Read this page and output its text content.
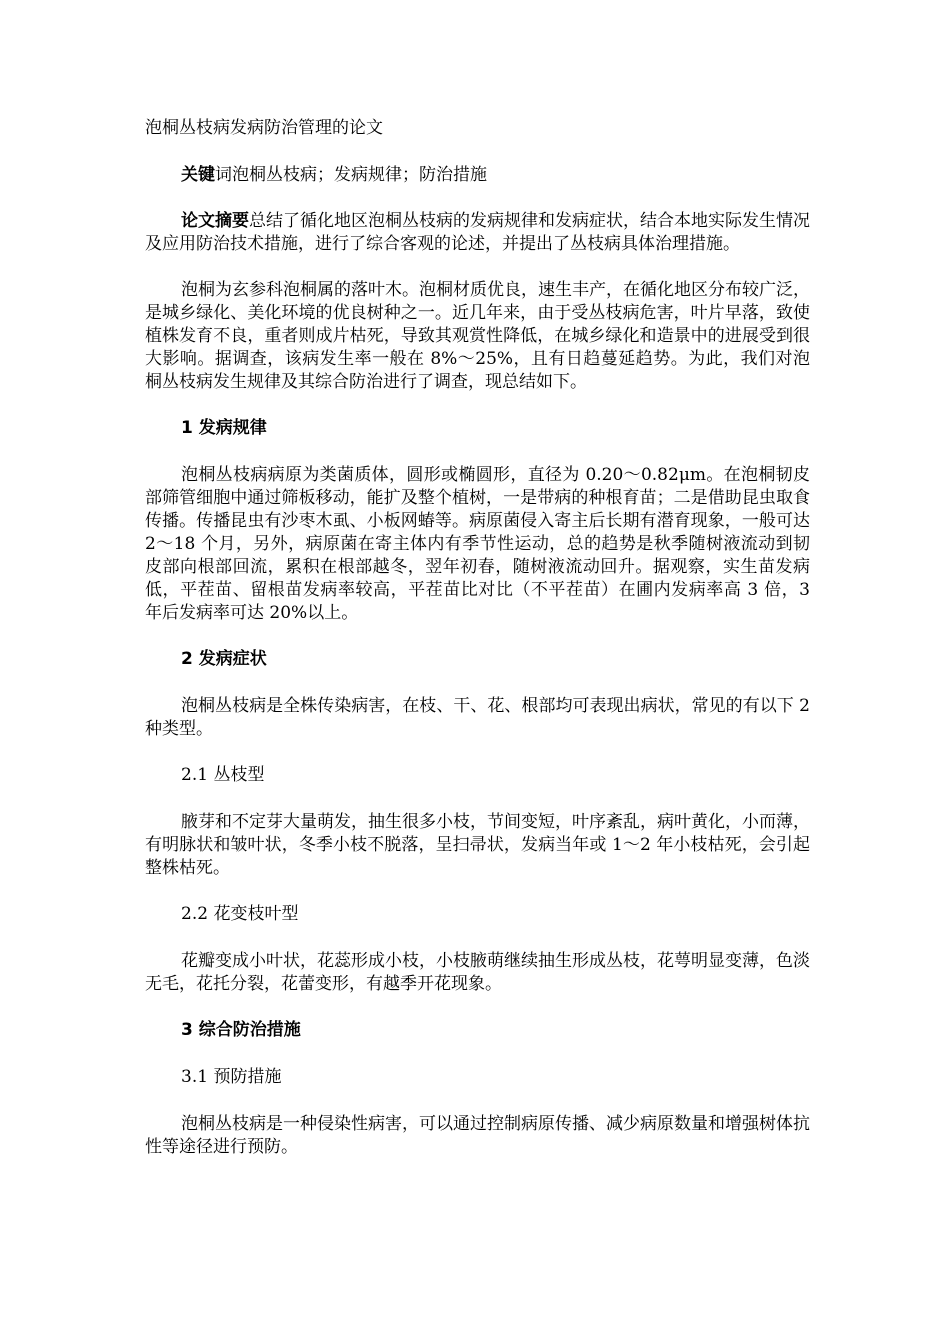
泡桐丛枝病发病防治管理的论文
关键词泡桐丛枝病；发病规律；防治措施
论文摘要总结了循化地区泡桐丛枝病的发病规律和发病症状，结合本地实际发生情况及应用防治技术措施，进行了综合客观的论述，并提出了丛枝病具体治理措施。
泡桐为玄参科泡桐属的落叶木。泡桐材质优良，速生丰产，在循化地区分布较广泛，是城乡绿化、美化环境的优良树种之一。近几年来，由于受丛枝病危害，叶片早落，致使植株发育不良，重者则成片枯死，导致其观赏性降低，在城乡绿化和造景中的进展受到很大影响。据调查，该病发生率一般在 8%～25%，且有日趋蔓延趋势。为此，我们对泡桐丛枝病发生规律及其综合防治进行了调查，现总结如下。
1 发病规律
泡桐丛枝病病原为类菌质体，圆形或椭圆形，直径为 0.20～0.82μm。在泡桐韧皮部筛管细胞中通过筛板移动，能扩及整个植树，一是带病的种根育苗；二是借助昆虫取食传播。传播昆虫有沙枣木虱、小板网蝽等。病原菌侵入寄主后长期有潜育现象，一般可达 2～18 个月，另外，病原菌在寄主体内有季节性运动，总的趋势是秋季随树液流动到韧皮部向根部回流，累积在根部越冬，翌年初春，随树液流动回升。据观察，实生苗发病低，平茬苗、留根苗发病率较高，平茬苗比对比（不平茬苗）在圃内发病率高 3 倍，3 年后发病率可达 20%以上。
2 发病症状
泡桐丛枝病是全株传染病害，在枝、干、花、根部均可表现出病状，常见的有以下 2 种类型。
2.1 丛枝型
腋芽和不定芽大量萌发，抽生很多小枝，节间变短，叶序紊乱，病叶黄化，小而薄，有明脉状和皱叶状，冬季小枝不脱落，呈扫帚状，发病当年或 1～2 年小枝枯死，会引起整株枯死。
2.2 花变枝叶型
花瓣变成小叶状，花蕊形成小枝，小枝腋萌继续抽生形成丛枝，花萼明显变薄，色淡无毛，花托分裂，花蕾变形，有越季开花现象。
3 综合防治措施
3.1 预防措施
泡桐丛枝病是一种侵染性病害，可以通过控制病原传播、减少病原数量和增强树体抗性等途径进行预防。
